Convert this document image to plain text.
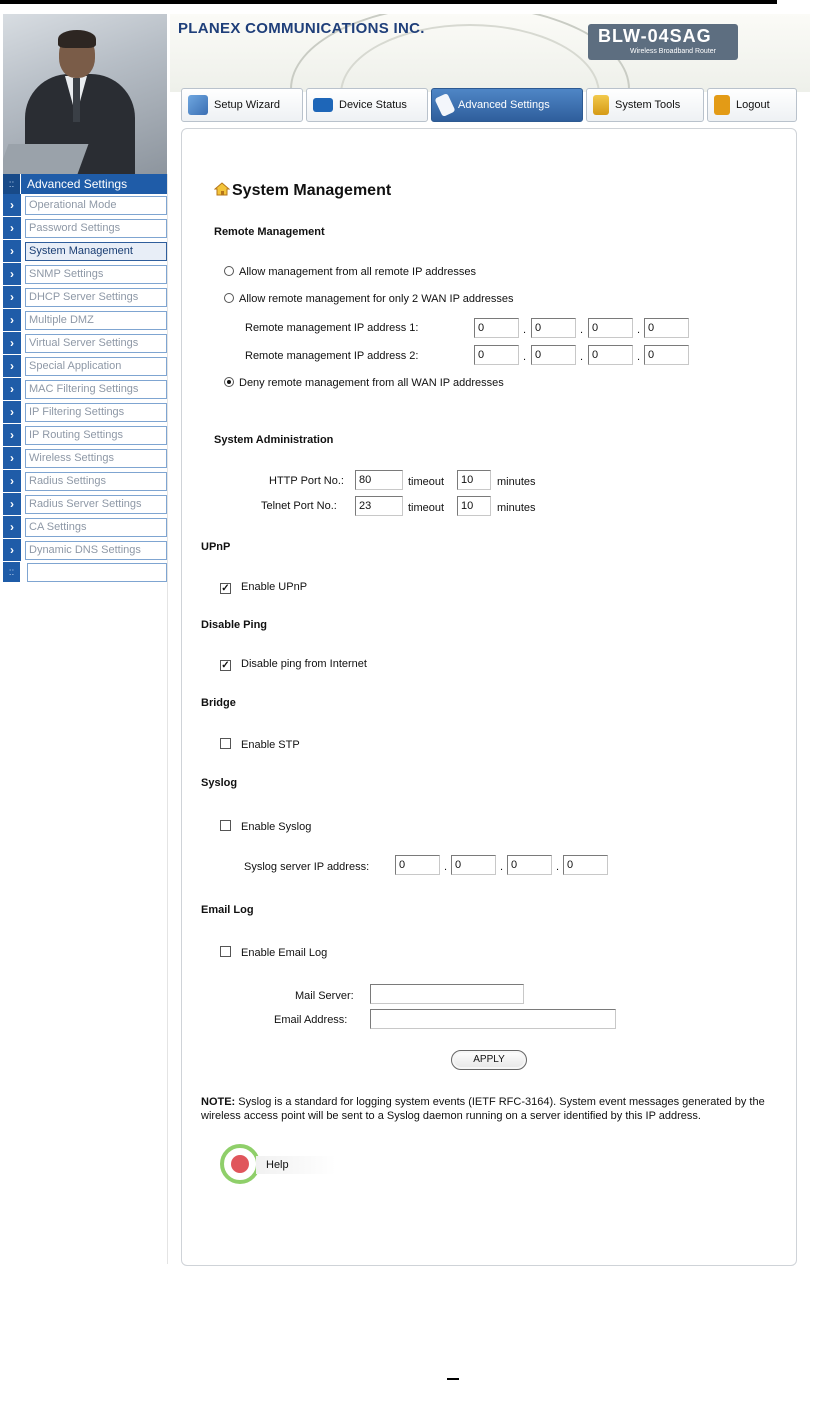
PLANEX COMMUNICATIONS INC.	BLW-04SAG
Wireless Broadband Router
Setup Wizard	Device Status	Advanced Settings	System Tools	Logout
::	Advanced Settings
›	Operational Mode
›	Password Settings
›	System Management
›	SNMP Settings
›	DHCP Server Settings
›	Multiple DMZ
›	Virtual Server Settings
›	Special Application
›	MAC Filtering Settings
›	IP Filtering Settings
›	IP Routing Settings
›	Wireless Settings
›	Radius Settings
›	Radius Server Settings
›	CA Settings
›	Dynamic DNS Settings
::
System Management
Remote Management
Allow management from all remote IP addresses
Allow remote management for only 2 WAN IP addresses
Remote management IP address 1:	0	. 0	. 0	. 0
Remote management IP address 2:	0	. 0	. 0	. 0
Deny remote management from all WAN IP addresses
System Administration
HTTP Port No.:	80	timeout	10	minutes
Telnet Port No.:	23	timeout	10	minutes
UPnP
✓ Enable UPnP
Disable Ping
✓ Disable ping from Internet
Bridge
Enable STP
Syslog
Enable Syslog
Syslog server IP address:	0	. 0	. 0	. 0
Email Log
Enable Email Log
Mail Server:
Email Address:
APPLY
NOTE: Syslog is a standard for logging system events (IETF RFC-3164). System event messages generated by the wireless access point will be sent to a Syslog daemon running on a server identified by this IP address.
Help
